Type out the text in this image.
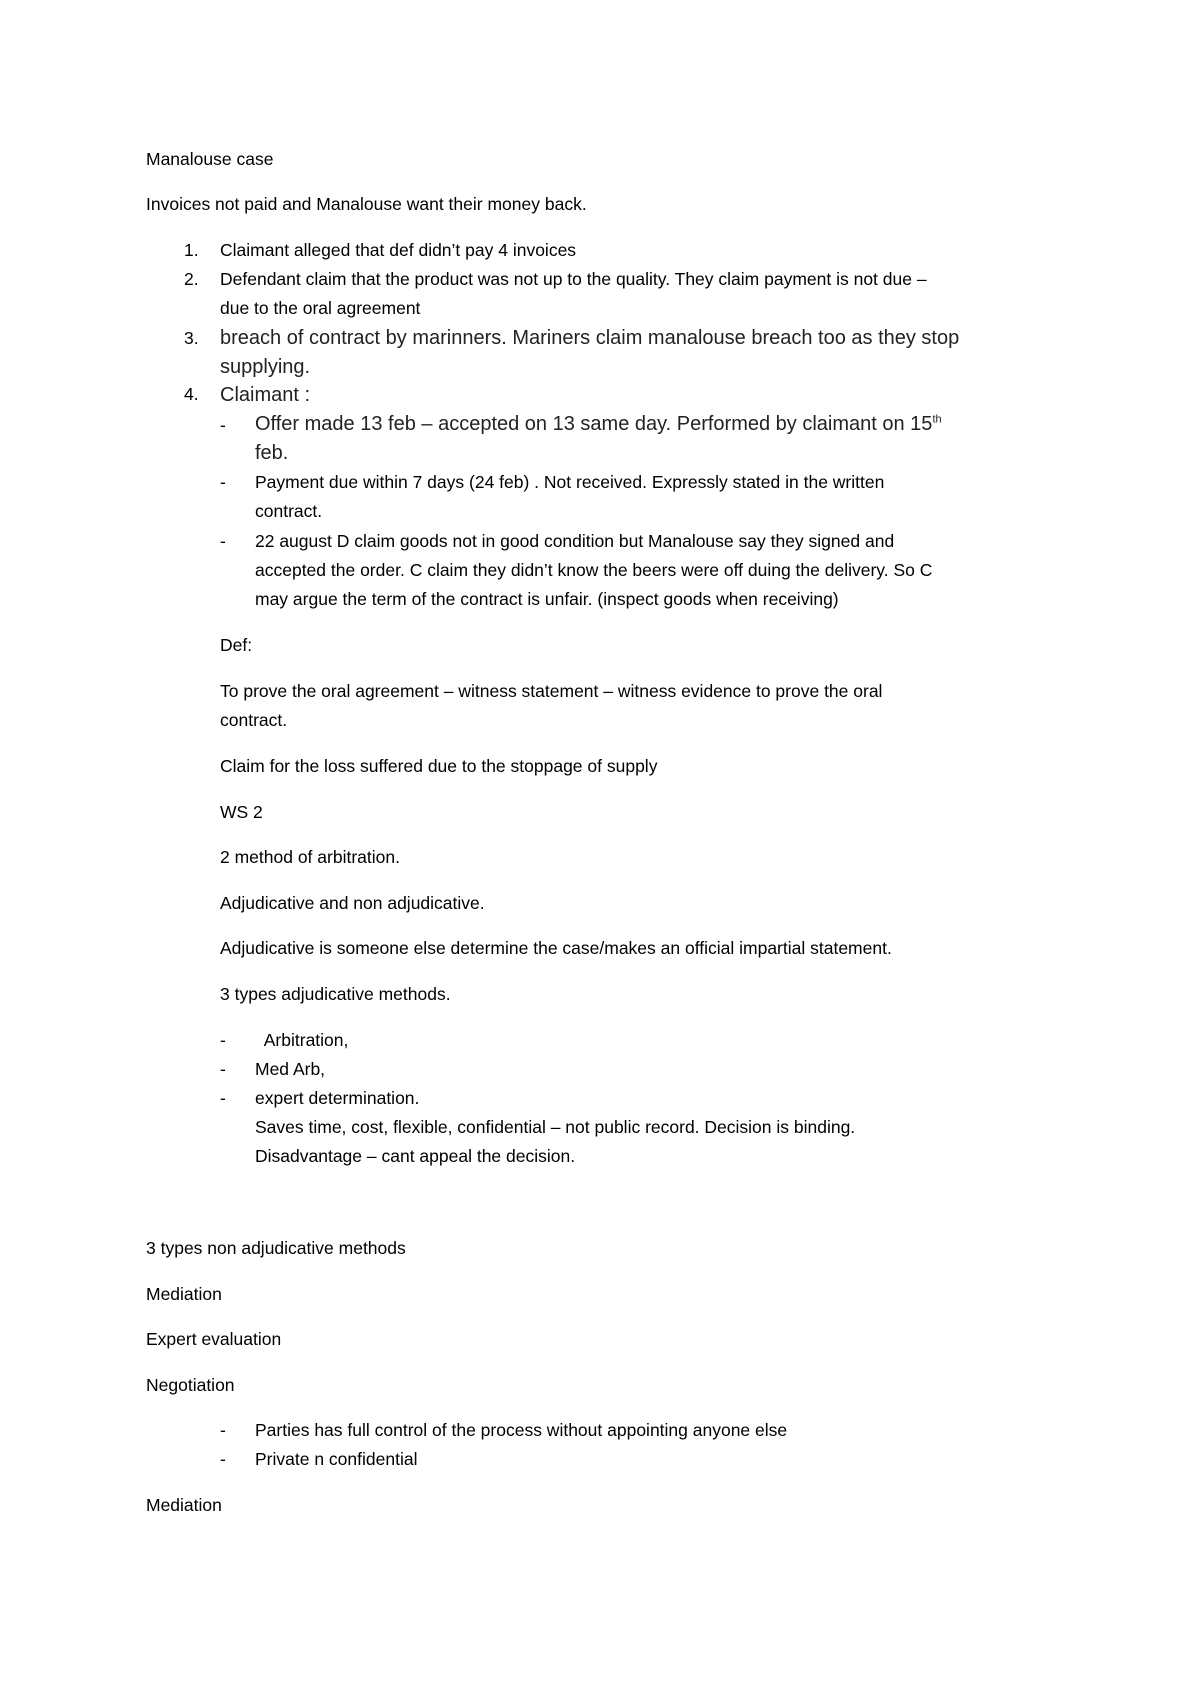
Manalouse case
Invoices not paid and Manalouse want their money back.
1. Claimant alleged that def didn’t pay 4 invoices
2. Defendant claim that the product was not up to the quality. They claim payment is not due –
due to the oral agreement
3. breach of contract by marinners. Mariners claim manalouse breach too as they stop
supplying.
4. Claimant :
- Offer made 13 feb – accepted on 13 same day. Performed by claimant on 15th
feb.
- Payment due within 7 days (24 feb) . Not received. Expressly stated in the written
contract.
- 22 august D claim goods not in good condition but Manalouse say they signed and
accepted the order. C claim they didn’t know the beers were off duing the delivery. So C
may argue the term of the contract is unfair. (inspect goods when receiving)
Def:
To prove the oral agreement – witness statement – witness evidence to prove the oral
contract.
Claim for the loss suffered due to the stoppage of supply
WS 2
2 method of arbitration.
Adjudicative and non adjudicative.
Adjudicative is someone else determine the case/makes an official impartial statement.
3 types adjudicative methods.
- Arbitration,
- Med Arb,
- expert determination.
Saves time, cost, flexible, confidential – not public record. Decision is binding.
Disadvantage – cant appeal the decision.
3 types non adjudicative methods
Mediation
Expert evaluation
Negotiation
- Parties has full control of the process without appointing anyone else
- Private n confidential
Mediation
